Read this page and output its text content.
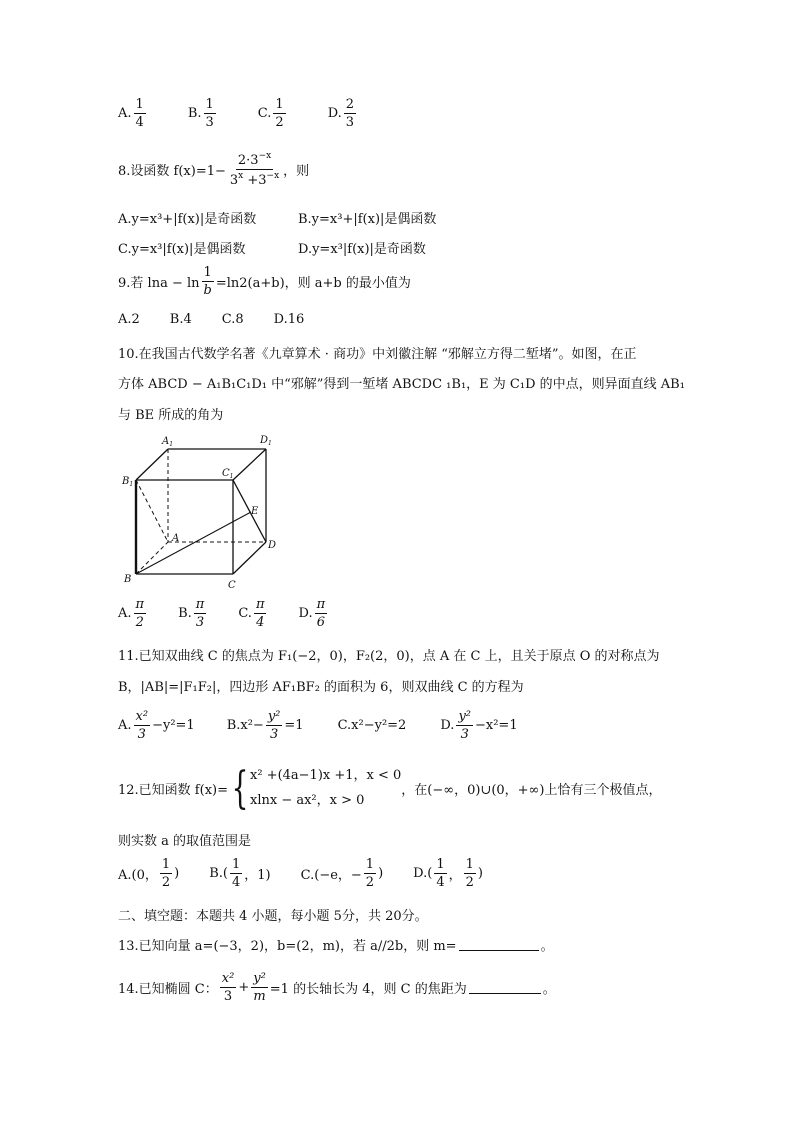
A.
1
4
B.
1
3
C.
1
2
D.
2
3
8.设函数 $f(x)=1- \frac{2\cdot 3^{-x}}{3^x +3^{-x}}$ ，则
A.y=x³+|f(x)|是奇函数	B.y=x³+|f(x)|是偶函数
C.y=x³|f(x)|是偶函数	D.y=x³|f(x)|是奇函数
9.若 $\ln a - \ln \frac{1}{b} =\ln 2(a+b)$，则 a+b 的最小值为
A.2 B.4 C.8 D.16
10.在我国古代数学名著《九章算术 · 商功》中刘徽注解 “邪解立方得二堑堵”。如图，在正
方体 ABCD − A₁B₁C₁D₁ 中“邪解”得到一堑堵 ABCDC ₁B₁，E 为 C₁D 的中点，则异面直线 AB₁
与 BE 所成的角为
$A_1$	$D_1$
$B_1$
$C_1$
E
A
D
B
C
A.
π
2
B.
π
3
C.
π
4
D.
π
6
11.已知双曲线 C 的焦点为 F₁(−2，0)，F₂(2，0)，点 A 在 C 上，且关于原点 O 的对称点为
B，|AB|=|F₁F₂|，四边形 AF₁BF₂ 的面积为 6，则双曲线 C 的方程为
A.
x²
3
−y²=1 $B.x^2- \frac{\text{y²}}{3} =1$	C.x²−y²=2	D.
y²
3
−x²=1
12.已知函数 f(x)= { x² +(4a−1)x +1，x < 0
xlnx − ax²，x > 0
，在(−∞，0)∪(0，+∞)上恰有三个极值点，
则实数 a 的取值范围是
A.(0，
1
2
) B.(
1
4 ，1) C.(−e，− $\frac{1}{2}$ ) D.(
1
4 ，
1
2
)
二、填空题：本题共 4 小题，每小题 5分，共 20分。
13.已知向量 a=(−3，2)，b=(2，m)，若 a//2b，则 m=	。
14.已知椭圆 C：
x²
3
+ $\frac{\text{y²}}{m} =1$ 的长轴长为 4，则 C 的焦距为	。
